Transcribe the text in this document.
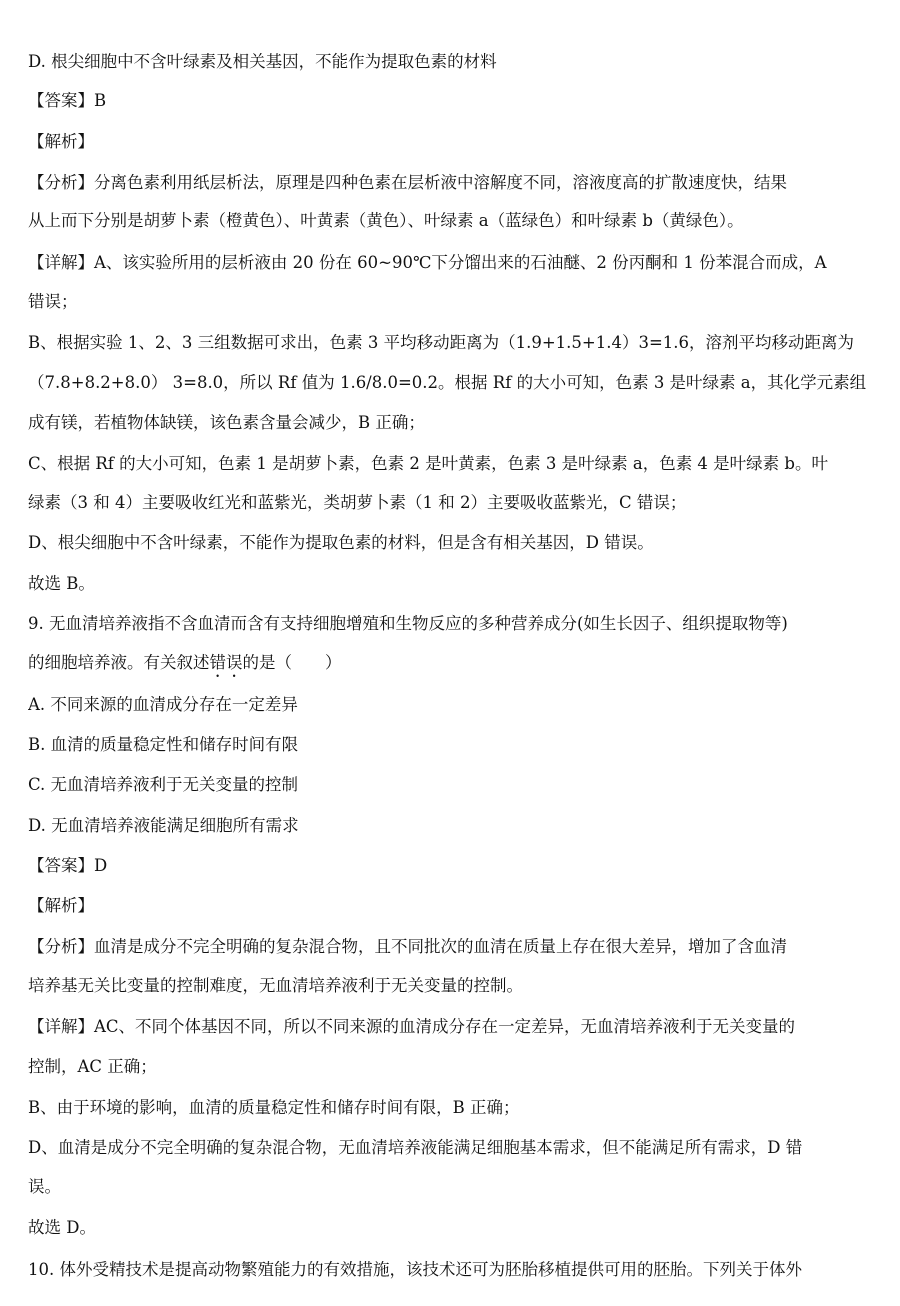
D. 根尖细胞中不含叶绿素及相关基因，不能作为提取色素的材料
【答案】B
【解析】
【分析】分离色素利用纸层析法，原理是四种色素在层析液中溶解度不同，溶液度高的扩散速度快，结果
从上而下分别是胡萝卜素（橙黄色）、叶黄素（黄色）、叶绿素 a（蓝绿色）和叶绿素 b（黄绿色）。
【详解】A、该实验所用的层析液由 20 份在 60~90℃下分馏出来的石油醚、2 份丙酮和 1 份苯混合而成，A
错误；
B、根据实验 1、2、3 三组数据可求出，色素 3 平均移动距离为（1.9+1.5+1.4）3=1.6，溶剂平均移动距离为
（7.8+8.2+8.0） 3=8.0，所以 Rf 值为 1.6/8.0=0.2。根据 Rf 的大小可知，色素 3 是叶绿素 a，其化学元素组
成有镁，若植物体缺镁，该色素含量会减少，B 正确；
C、根据 Rf 的大小可知，色素 1 是胡萝卜素，色素 2 是叶黄素，色素 3 是叶绿素 a，色素 4 是叶绿素 b。叶
绿素（3 和 4）主要吸收红光和蓝紫光，类胡萝卜素（1 和 2）主要吸收蓝紫光，C 错误；
D、根尖细胞中不含叶绿素，不能作为提取色素的材料，但是含有相关基因，D 错误。
故选 B。
9. 无血清培养液指不含血清而含有支持细胞增殖和生物反应的多种营养成分(如生长因子、组织提取物等)
的细胞培养液。有关叙述错误的是（　　）
A. 不同来源的血清成分存在一定差异
B. 血清的质量稳定性和储存时间有限
C. 无血清培养液利于无关变量的控制
D. 无血清培养液能满足细胞所有需求
【答案】D
【解析】
【分析】血清是成分不完全明确的复杂混合物，且不同批次的血清在质量上存在很大差异，增加了含血清
培养基无关比变量的控制难度，无血清培养液利于无关变量的控制。
【详解】AC、不同个体基因不同，所以不同来源的血清成分存在一定差异，无血清培养液利于无关变量的
控制，AC 正确；
B、由于环境的影响，血清的质量稳定性和储存时间有限，B 正确；
D、血清是成分不完全明确的复杂混合物，无血清培养液能满足细胞基本需求，但不能满足所有需求，D 错
误。
故选 D。
10. 体外受精技术是提高动物繁殖能力的有效措施，该技术还可为胚胎移植提供可用的胚胎。下列关于体外
